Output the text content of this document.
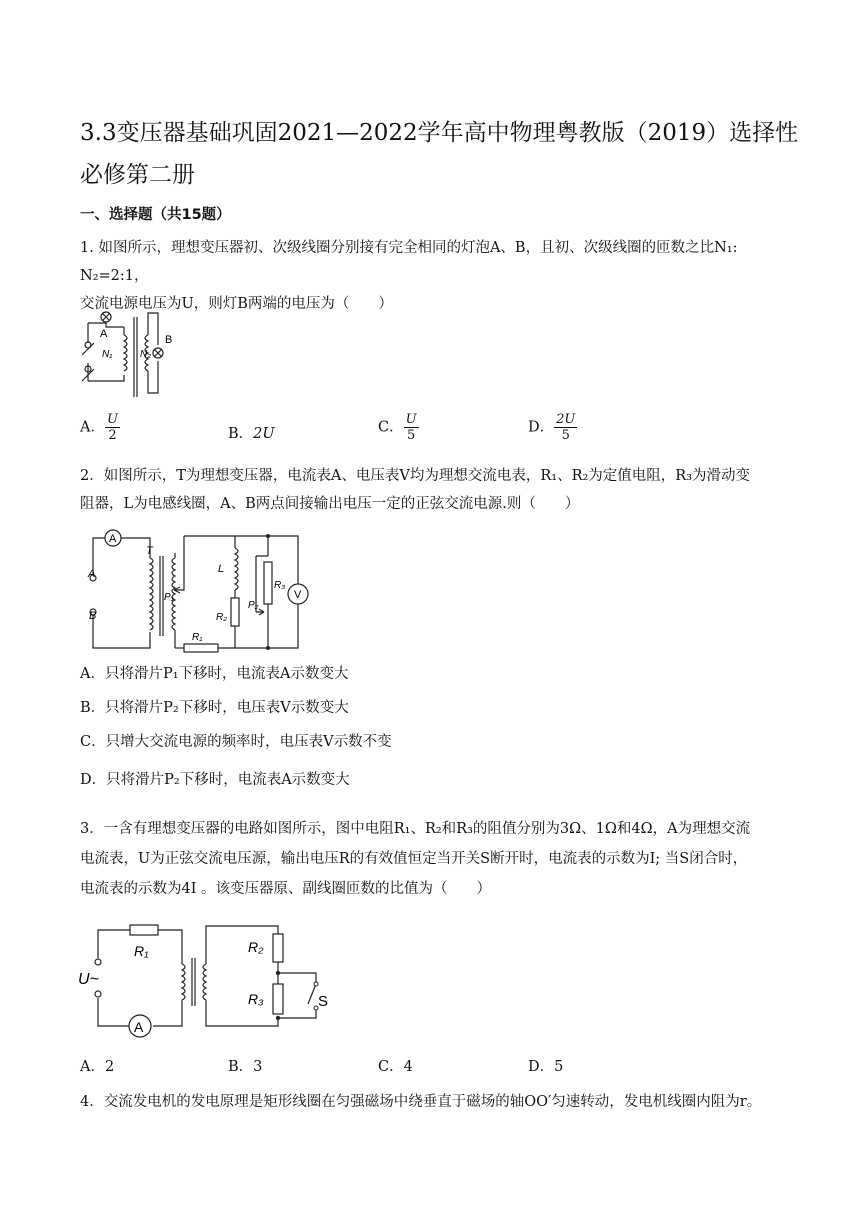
3.3变压器基础巩固2021—2022学年高中物理粤教版（2019）选择性必修第二册
一、选择题（共15题）
1. 如图所示，理想变压器初、次级线圈分别接有完全相同的灯泡A、B，且初、次级线圈的匝数之比N₁: N₂=2:1，
交流电源电压为U，则灯B两端的电压为（　　）
A	B
N₁	N₂
A． $\frac{U}{2}$	B．2U	C． $\frac{U}{5}$	D． $\frac{2U}{5}$
2．如图所示，T为理想变压器，电流表A、电压表V均为理想交流电表，R₁、R₂为定值电阻，R₃为滑动变
阻器，L为电感线圈，A、B两点间接输出电压一定的正弦交流电源.则（　　）
A
V
T
A
B
L
P₁
P₂
R₁
R₂
R₃
A．只将滑片P₁下移时，电流表A示数变大
B．只将滑片P₂下移时，电压表V示数变大
C．只增大交流电源的频率时，电压表V示数不变
D．只将滑片P₂下移时，电流表A示数变大
3．一含有理想变压器的电路如图所示，图中电阻R₁、R₂和R₃的阻值分别为3Ω、1Ω和4Ω，A为理想交流
电流表，U为正弦交流电压源，输出电压R的有效值恒定当开关S断开时，电流表的示数为I; 当S闭合时，
电流表的示数为4I 。该变压器原、副线圈匝数的比值为（　　）
R₁	R₂
R₃
U~
A
S
A．2	B．3	C．4	D．5
4．交流发电机的发电原理是矩形线圈在匀强磁场中绕垂直于磁场的轴OO′匀速转动，发电机线圈内阻为r。
